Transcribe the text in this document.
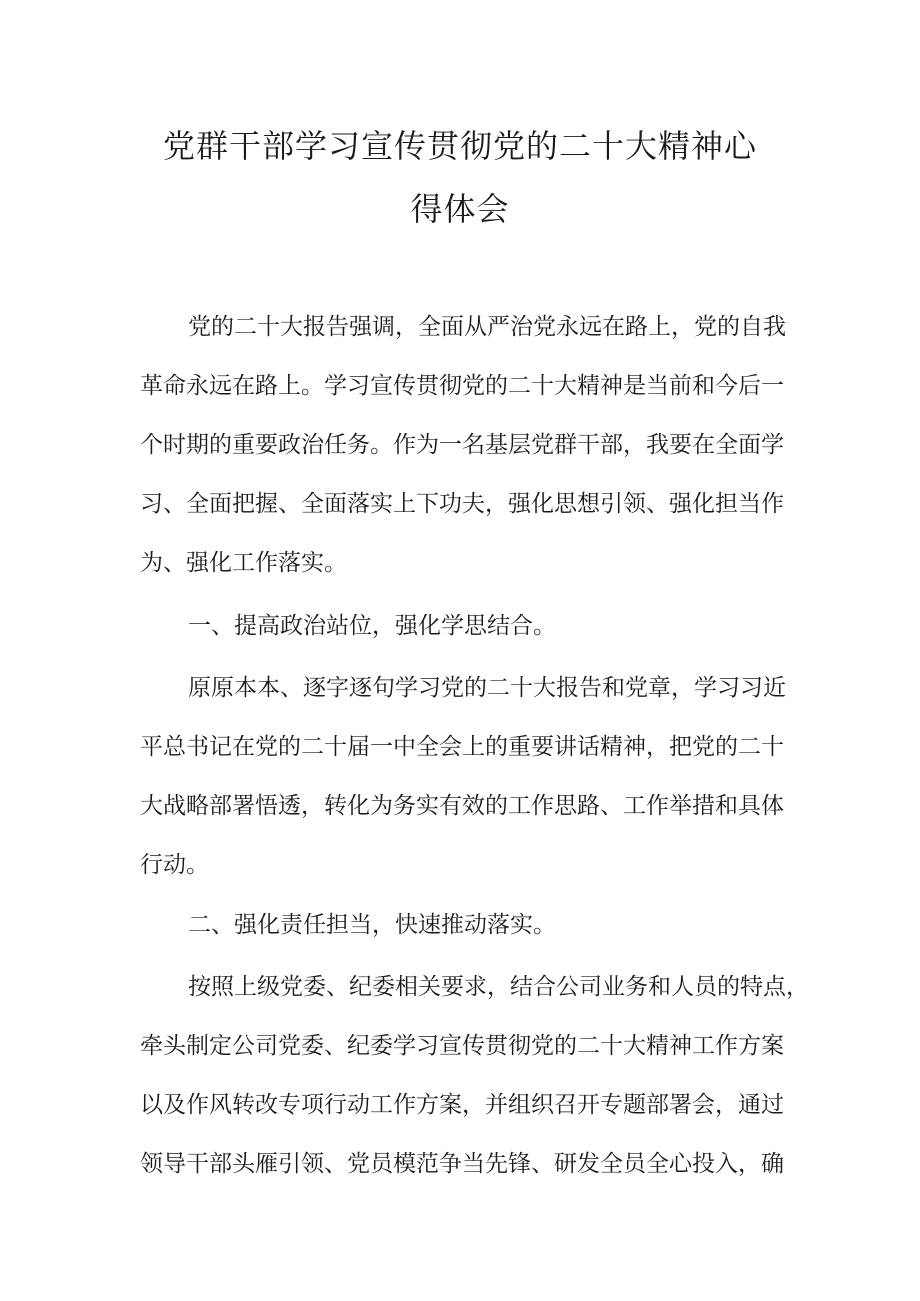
党群干部学习宣传贯彻党的二十大精神心
得体会

党的二十大报告强调，全面从严治党永远在路上，党的自我

革命永远在路上。学习宣传贯彻党的二十大精神是当前和今后一

个时期的重要政治任务。作为一名基层党群干部，我要在全面学

习、全面把握、全面落实上下功夫，强化思想引领、强化担当作

为、强化工作落实。

一、提高政治站位，强化学思结合。

原原本本、逐字逐句学习党的二十大报告和党章，学习习近

平总书记在党的二十届一中全会上的重要讲话精神，把党的二十

大战略部署悟透，转化为务实有效的工作思路、工作举措和具体

行动。

二、强化责任担当，快速推动落实。

按照上级党委、纪委相关要求，结合公司业务和人员的特点，

牵头制定公司党委、纪委学习宣传贯彻党的二十大精神工作方案

以及作风转改专项行动工作方案，并组织召开专题部署会，通过

领导干部头雁引领、党员模范争当先锋、研发全员全心投入，确
